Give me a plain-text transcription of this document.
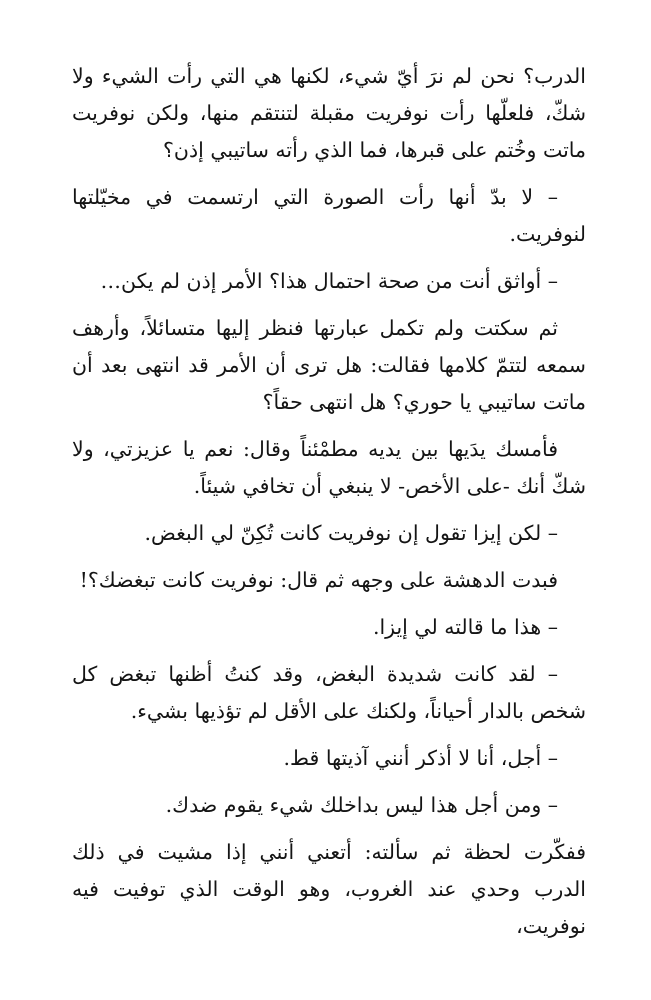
الدرب؟ نحن لم نرَ أيّ شيء، لكنها هي التي رأت الشيء ولا شكّ، فلعلّها رأت نوفريت مقبلة لتنتقم منها، ولكن نوفريت ماتت وخُتم على قبرها، فما الذي رأته ساتيبي إذن؟

– لا بدّ أنها رأت الصورة التي ارتسمت في مخيّلتها لنوفريت.

– أواثق أنت من صحة احتمال هذا؟ الأمر إذن لم يكن…

ثم سكتت ولم تكمل عبارتها فنظر إليها متسائلاً، وأرهف سمعه لتتمّ كلامها فقالت: هل ترى أن الأمر قد انتهى بعد أن ماتت ساتيبي يا حوري؟ هل انتهى حقاً؟

فأمسك يدَيها بين يديه مطمْئناً وقال: نعم يا عزيزتي، ولا شكّ أنك -على الأخص- لا ينبغي أن تخافي شيئاً.

– لكن إيزا تقول إن نوفريت كانت تُكِنّ لي البغض.

فبدت الدهشة على وجهه ثم قال: نوفريت كانت تبغضك؟!

– هذا ما قالته لي إيزا.

– لقد كانت شديدة البغض، وقد كنتُ أظنها تبغض كل شخص بالدار أحياناً، ولكنك على الأقل لم تؤذيها بشيء.

– أجل، أنا لا أذكر أنني آذيتها قط.

– ومن أجل هذا ليس بداخلك شيء يقوم ضدك.

ففكّرت لحظة ثم سألته: أتعني أنني إذا مشيت في ذلك الدرب وحدي عند الغروب، وهو الوقت الذي توفيت فيه نوفريت،
